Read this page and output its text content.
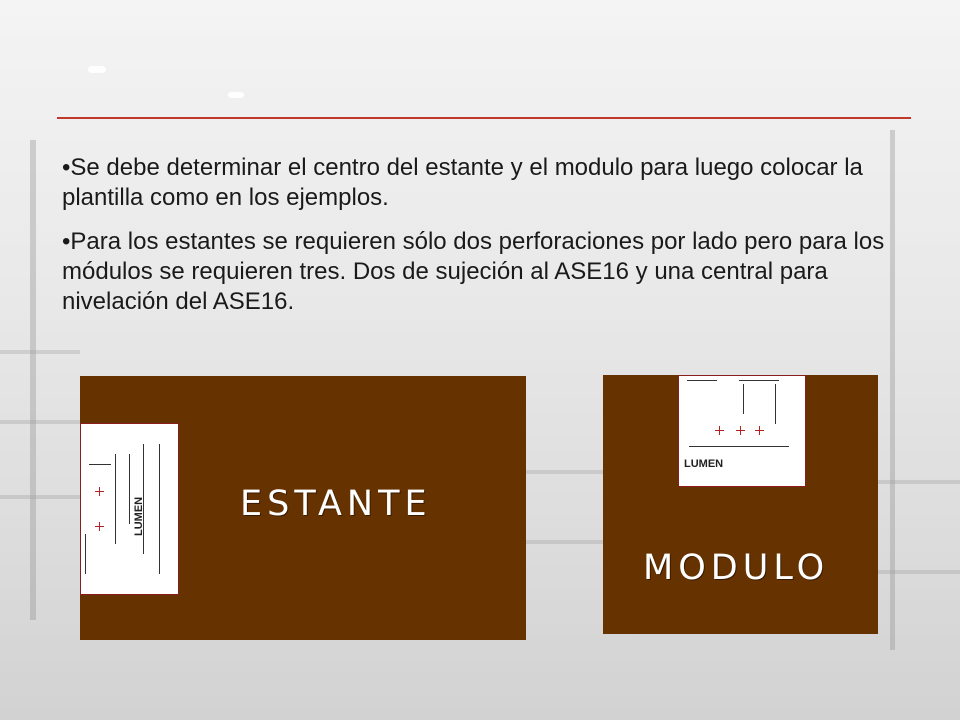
•Se debe determinar el centro del estante y el modulo para luego colocar la plantilla como en los ejemplos.

•Para los estantes se requieren sólo dos perforaciones por lado pero para los módulos se requieren tres. Dos de sujeción al ASE16 y una central para nivelación del ASE16.

LUMEN	ESTANTE
LUMEN
MODULO
